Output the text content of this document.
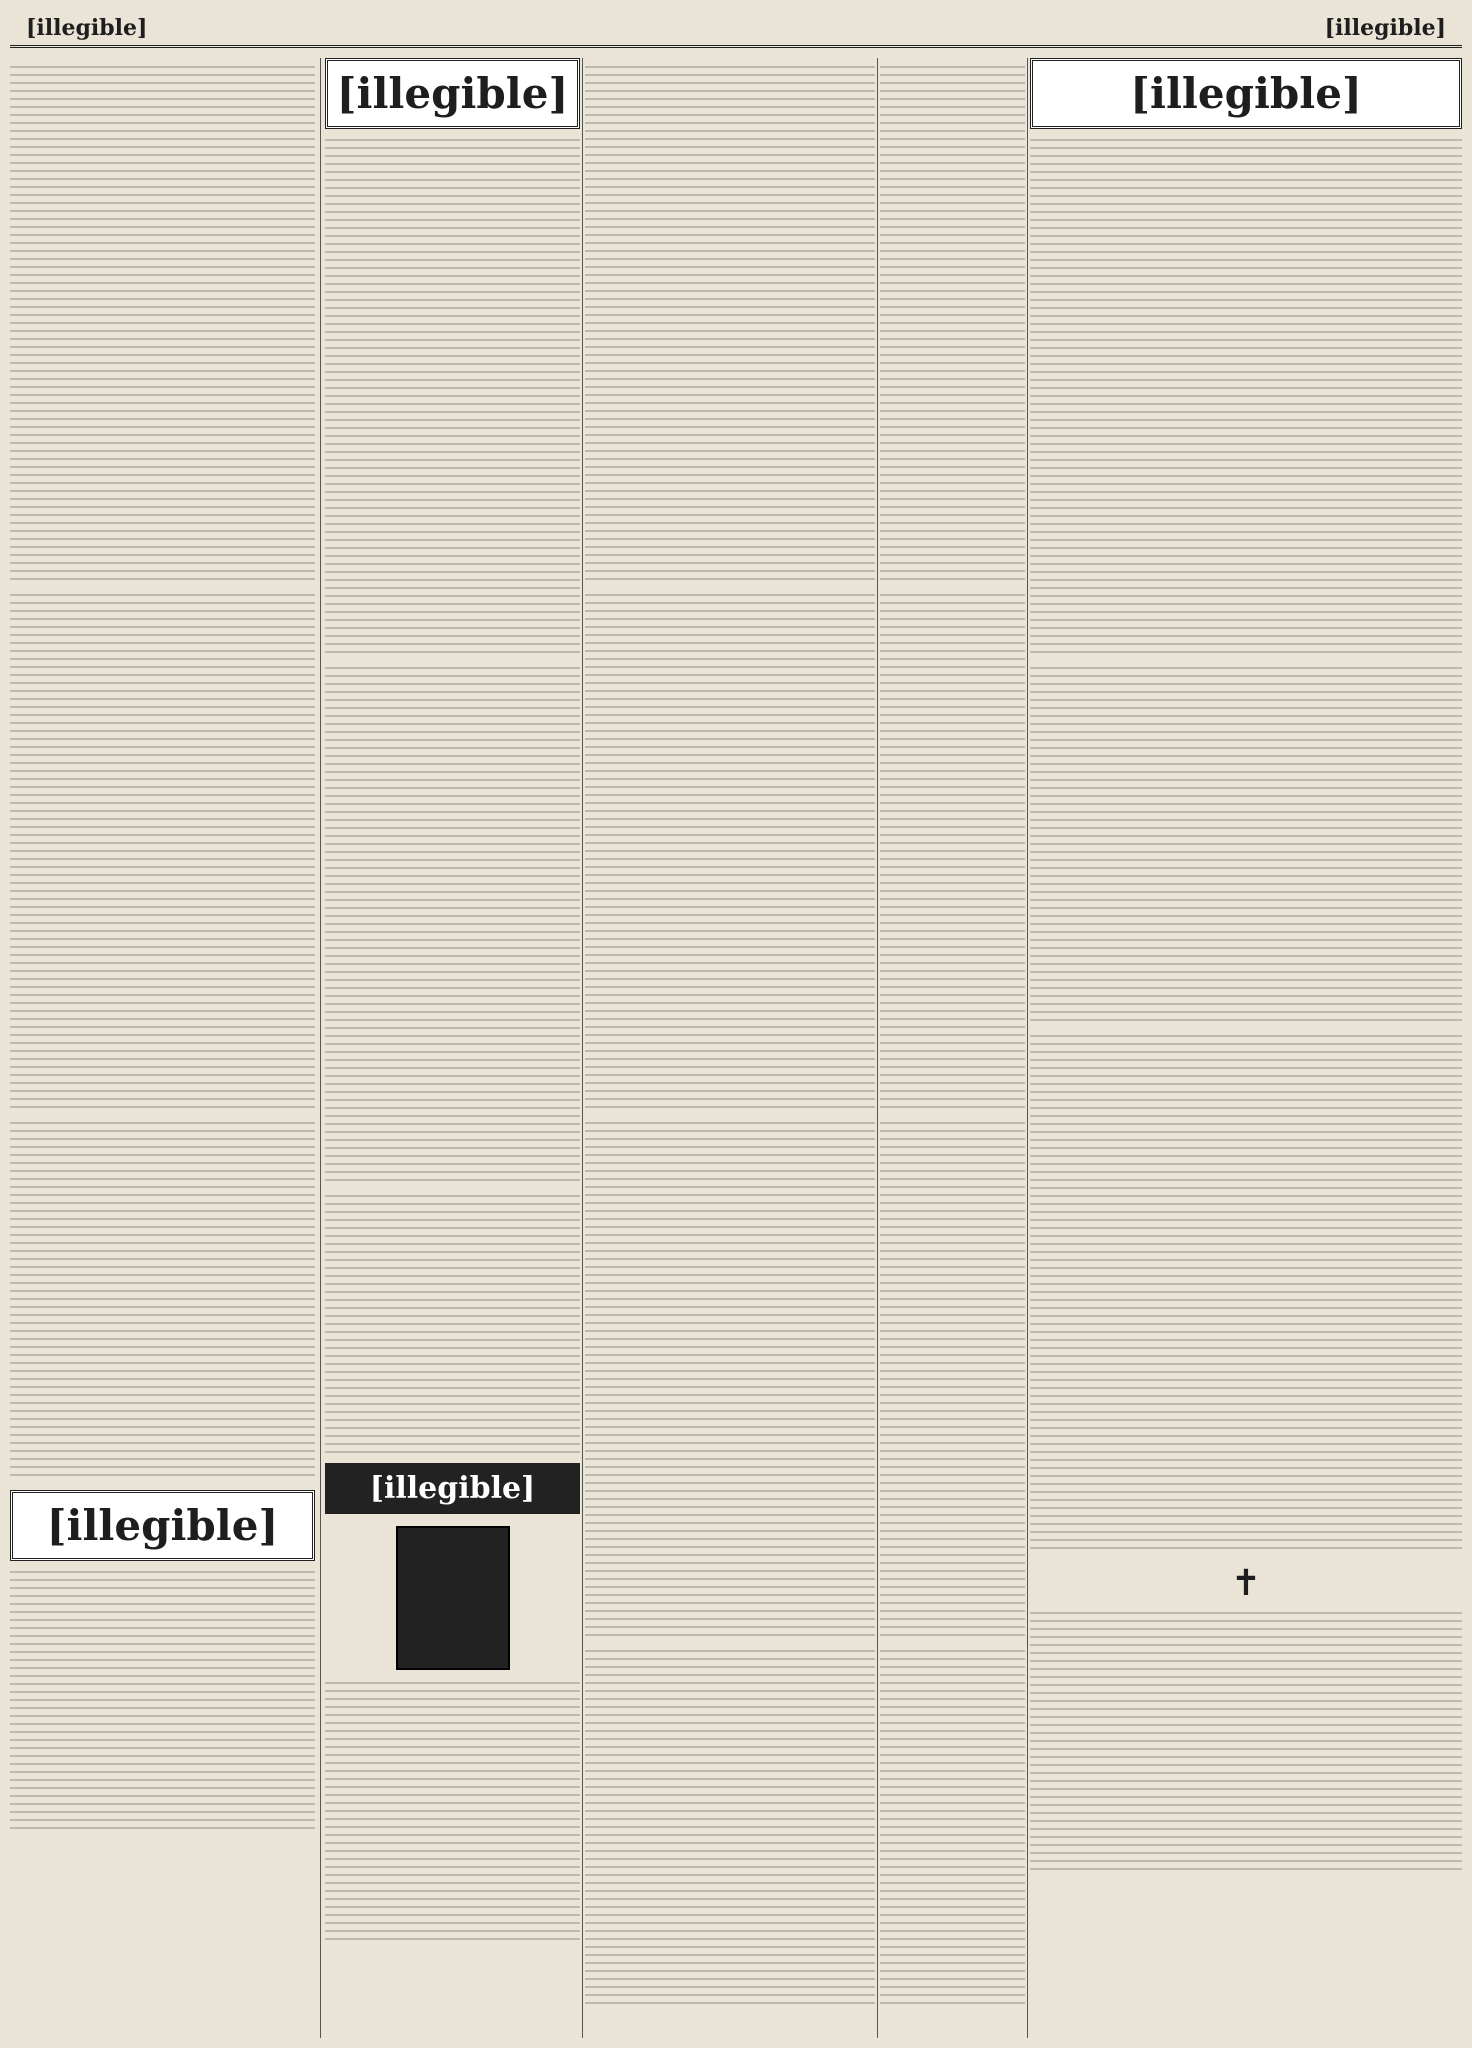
[illegible]
[illegible]
[illegible]
✝
[illegible]
[illegible]
[illegible]
